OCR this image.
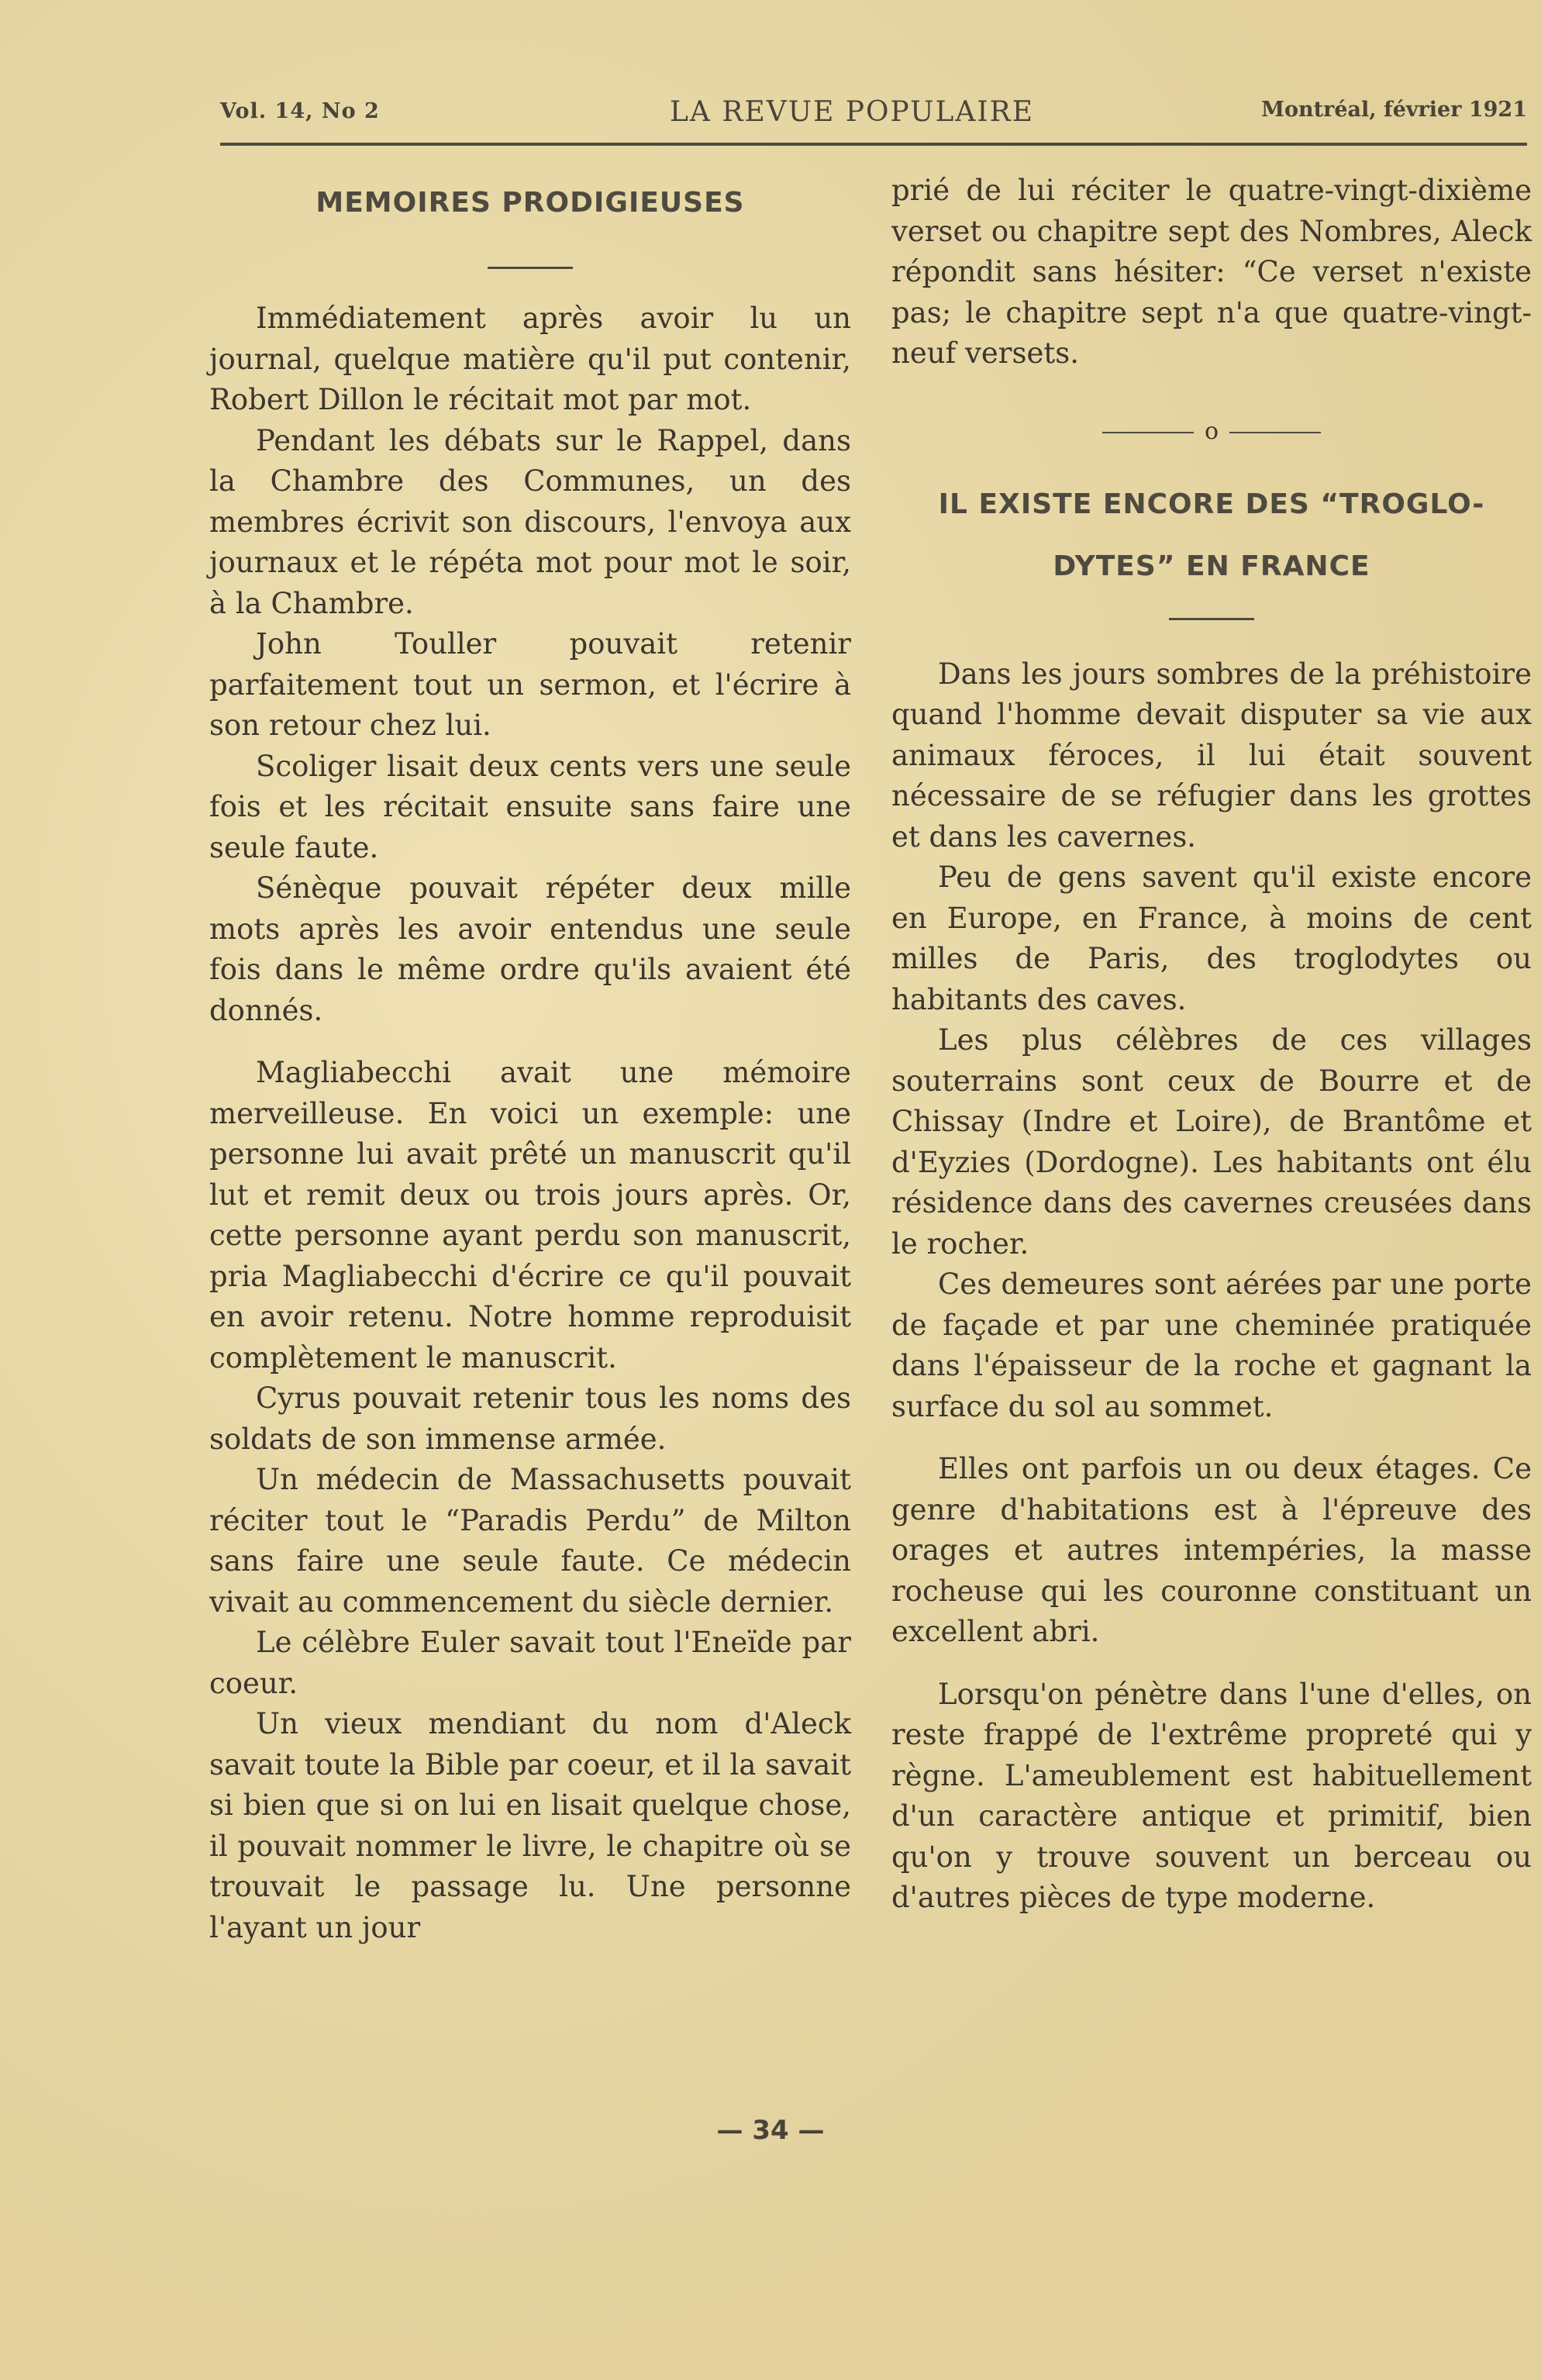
Vol. 14, No 2	LA REVUE POPULAIRE	Montréal, février 1921
MEMOIRES PRODIGIEUSES

Immédiatement après avoir lu un journal, quelque matière qu'il put contenir, Robert Dillon le récitait mot par mot.

Pendant les débats sur le Rappel, dans la Chambre des Communes, un des membres écrivit son discours, l'envoya aux journaux et le répéta mot pour mot le soir, à la Chambre.

John Touller pouvait retenir parfaitement tout un sermon, et l'écrire à son retour chez lui.

Scoliger lisait deux cents vers une seule fois et les récitait ensuite sans faire une seule faute.

Sénèque pouvait répéter deux mille mots après les avoir entendus une seule fois dans le même ordre qu'ils avaient été donnés.

Magliabecchi avait une mémoire merveilleuse. En voici un exemple: une personne lui avait prêté un manuscrit qu'il lut et remit deux ou trois jours après. Or, cette personne ayant perdu son manuscrit, pria Magliabecchi d'écrire ce qu'il pouvait en avoir retenu. Notre homme reproduisit complètement le manuscrit.

Cyrus pouvait retenir tous les noms des soldats de son immense armée.

Un médecin de Massachusetts pouvait réciter tout le “Paradis Perdu” de Milton sans faire une seule faute. Ce médecin vivait au commencement du siècle dernier.

Le célèbre Euler savait tout l'Eneïde par coeur.

Un vieux mendiant du nom d'Aleck savait toute la Bible par coeur, et il la savait si bien que si on lui en lisait quelque chose, il pouvait nommer le livre, le chapitre où se trouvait le passage lu. Une personne l'ayant un jour

prié de lui réciter le quatre-vingt-dixième verset ou chapitre sept des Nombres, Aleck répondit sans hésiter: “Ce verset n'existe pas; le chapitre sept n'a que quatre-vingt-neuf versets.

o
IL EXISTE ENCORE DES “TROGLO-
DYTES” EN FRANCE

Dans les jours sombres de la préhistoire quand l'homme devait disputer sa vie aux animaux féroces, il lui était souvent nécessaire de se réfugier dans les grottes et dans les cavernes.

Peu de gens savent qu'il existe encore en Europe, en France, à moins de cent milles de Paris, des troglodytes ou habitants des caves.

Les plus célèbres de ces villages souterrains sont ceux de Bourre et de Chissay (Indre et Loire), de Brantôme et d'Eyzies (Dordogne). Les habitants ont élu résidence dans des cavernes creusées dans le rocher.

Ces demeures sont aérées par une porte de façade et par une cheminée pratiquée dans l'épaisseur de la roche et gagnant la surface du sol au sommet.

Elles ont parfois un ou deux étages. Ce genre d'habitations est à l'épreuve des orages et autres intempéries, la masse rocheuse qui les couronne constituant un excellent abri.

Lorsqu'on pénètre dans l'une d'elles, on reste frappé de l'extrême propreté qui y règne. L'ameublement est habituellement d'un caractère antique et primitif, bien qu'on y trouve souvent un berceau ou d'autres pièces de type moderne.

— 34 —
